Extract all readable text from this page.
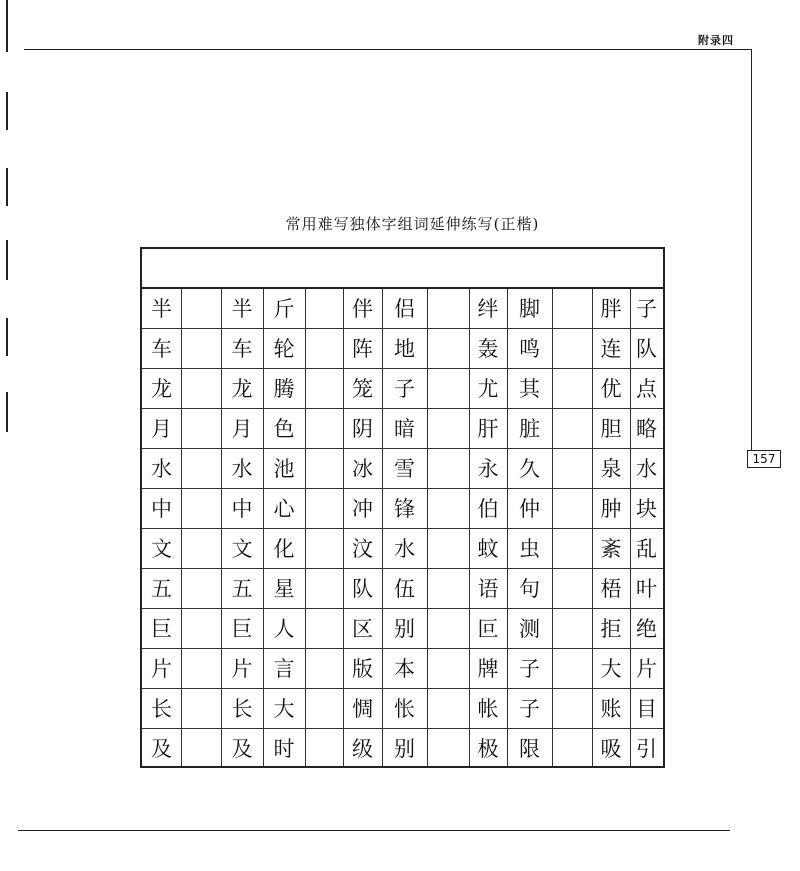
附录四
157
常用难写独体字组词延伸练写(正楷)
半	半	斤	伴	侣	绊 脚	胖 子
车	车	轮	阵	地	轰 鸣	连 队
龙	龙	腾	笼	子	尤 其	优 点
月	月	色	阴	暗	肝 脏	胆 略
水	水	池	冰	雪	永 久	泉 水
中	中	心	冲	锋	伯 仲	肿 块
文	文	化	汶	水	蚊 虫	紊 乱
五	五	星	队	伍	语 句	梧 叶
巨	巨	人	区	别	叵 测	拒 绝
片	片	言	版	本	牌 子	大 片
长	长	大	惆	怅	帐 子	账 目
及	及	时	级	别	极 限	吸 引
